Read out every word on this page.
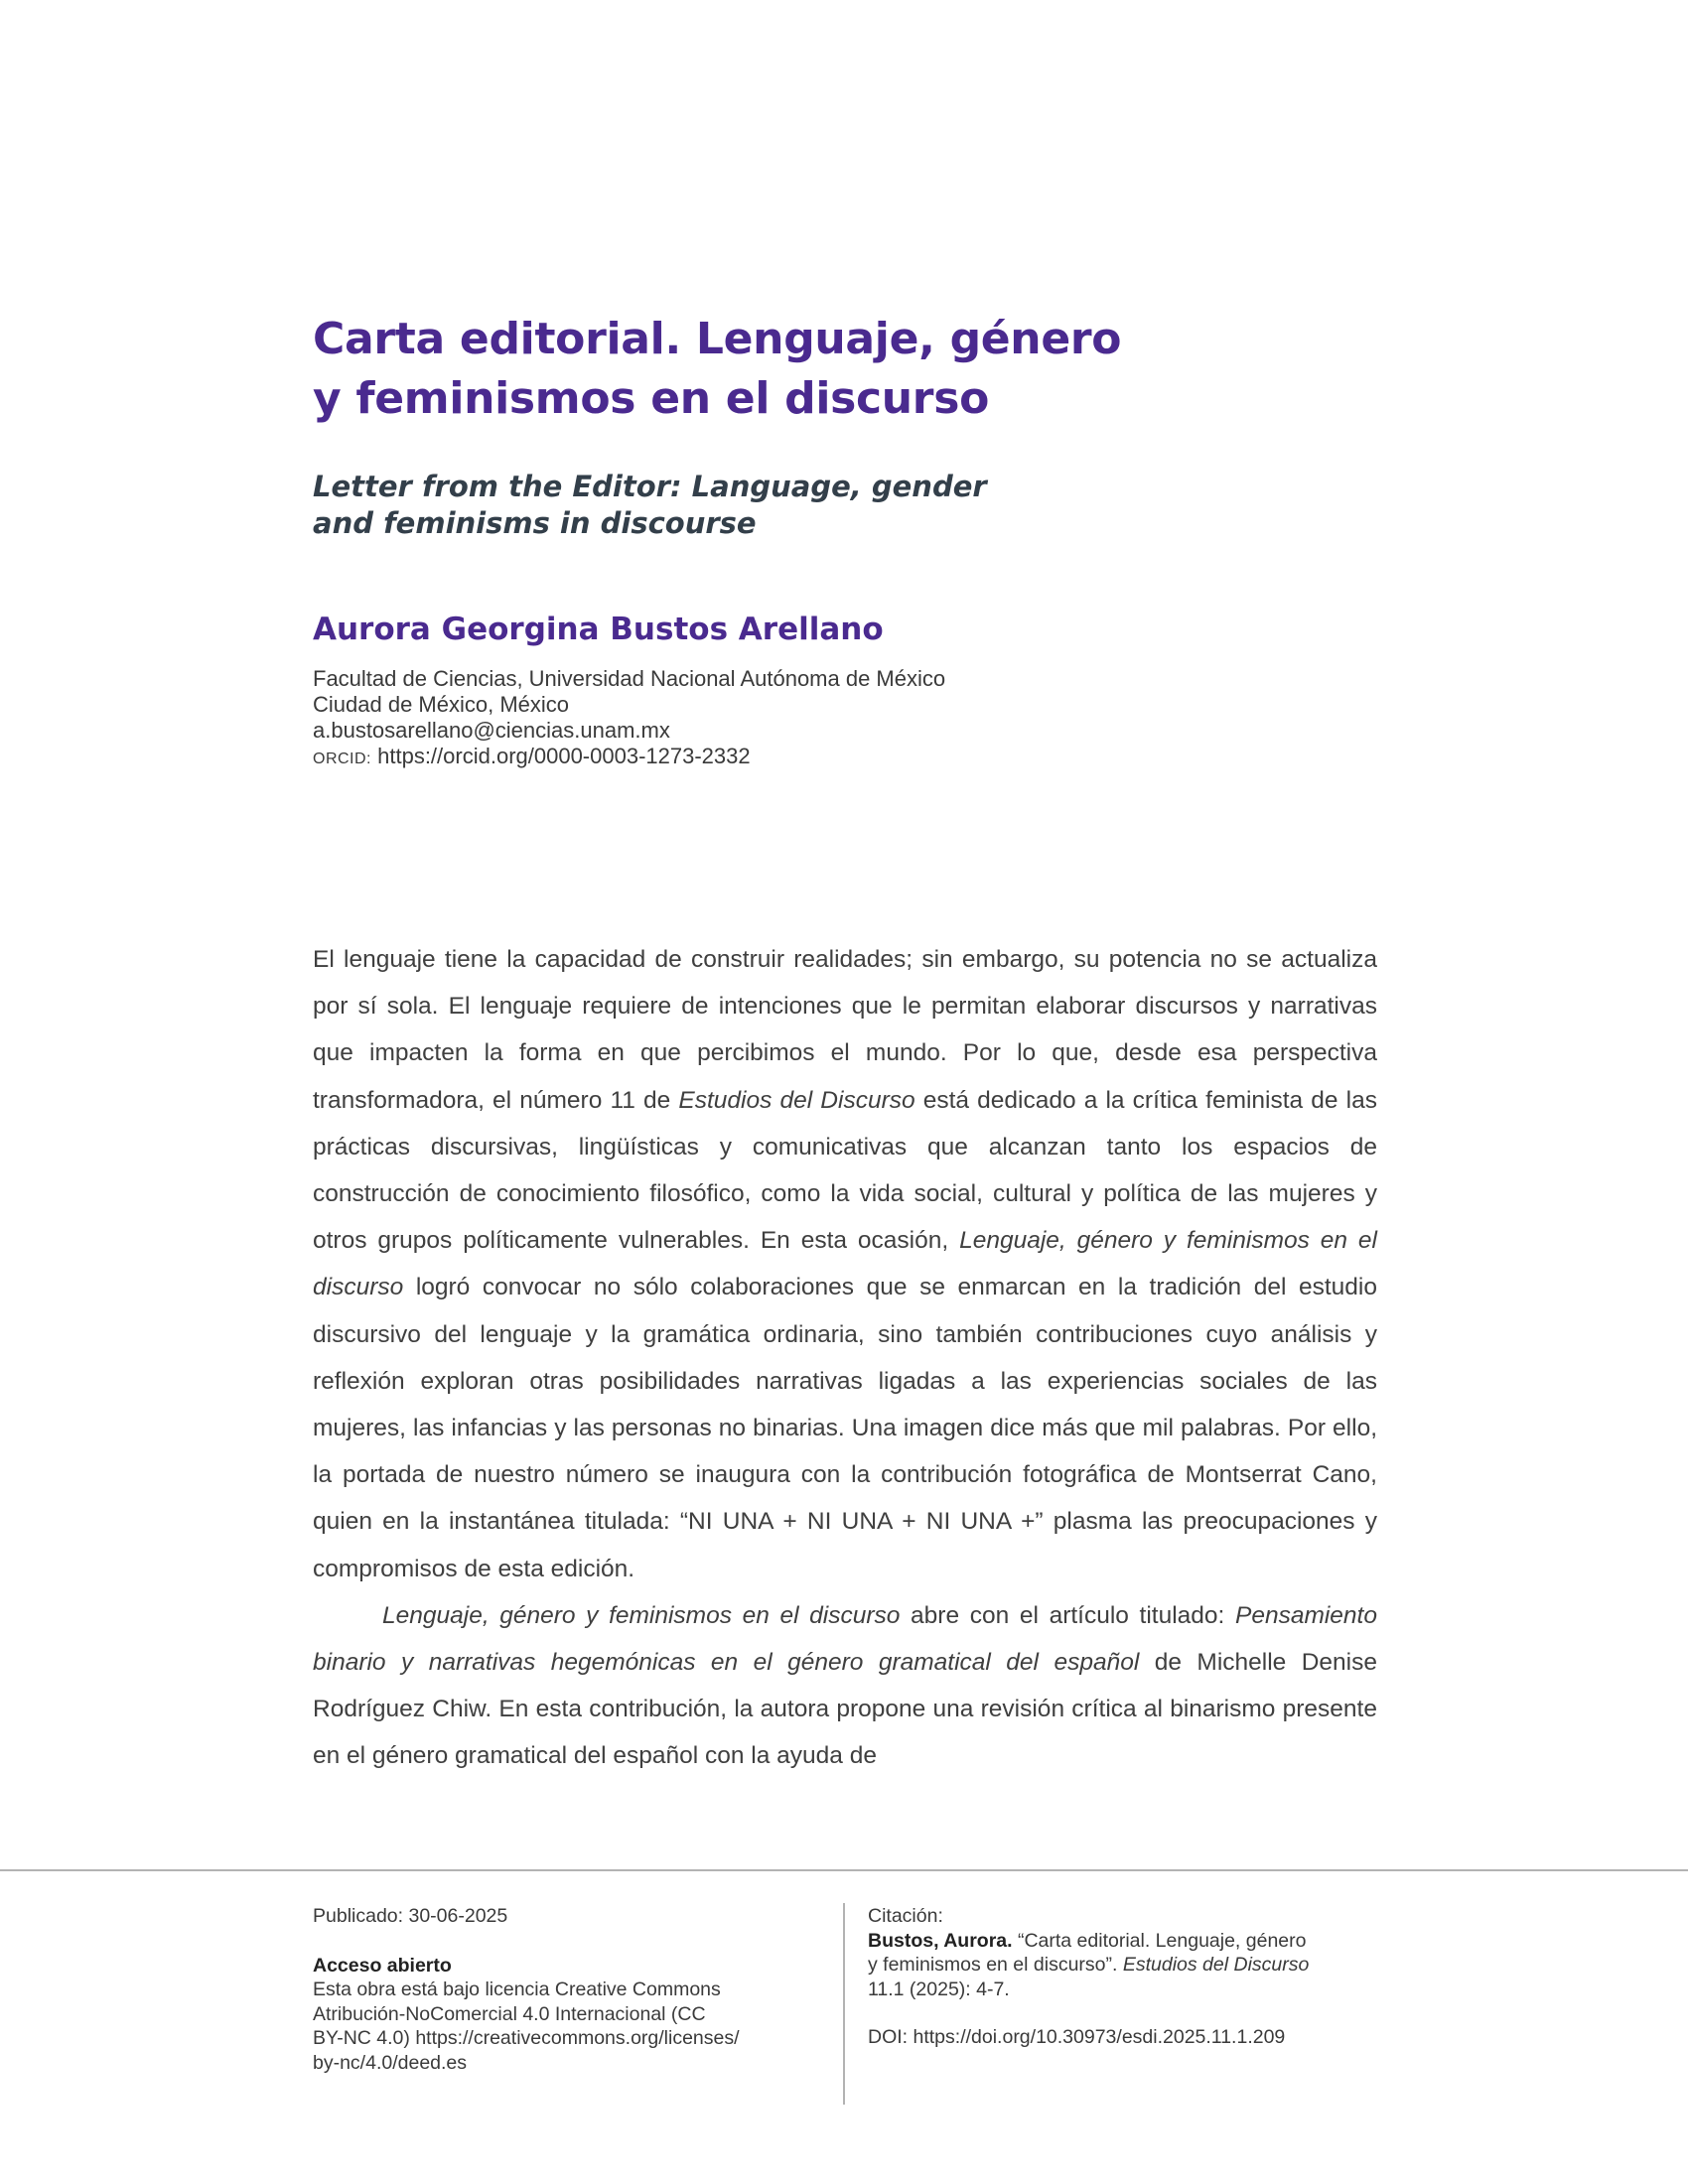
Carta editorial. Lenguaje, género
y feminismos en el discurso
Letter from the Editor: Language, gender
and feminisms in discourse
Aurora Georgina Bustos Arellano
Facultad de Ciencias, Universidad Nacional Autónoma de México
Ciudad de México, México
a.bustosarellano@ciencias.unam.mx
ORCID: https://orcid.org/0000-0003-1273-2332

El lenguaje tiene la capacidad de construir realidades; sin embargo, su potencia no se actualiza por sí sola. El lenguaje requiere de intenciones que le permitan elaborar discursos y narrativas que impacten la forma en que percibimos el mundo. Por lo que, desde esa perspectiva transformadora, el número 11 de Estudios del Discurso está dedicado a la crítica feminista de las prácticas discursivas, lingüísticas y comunicativas que alcanzan tanto los espacios de construcción de conocimiento filosófico, como la vida social, cultural y política de las mujeres y otros grupos políticamente vulnerables. En esta ocasión, Lenguaje, género y feminismos en el discurso logró convocar no sólo colaboraciones que se enmarcan en la tradición del estudio discursivo del lenguaje y la gramática ordinaria, sino también contribuciones cuyo análisis y reflexión exploran otras posibilidades narrativas ligadas a las experiencias sociales de las mujeres, las infancias y las personas no binarias. Una imagen dice más que mil palabras. Por ello, la portada de nuestro número se inaugura con la contribución fotográfica de Montserrat Cano, quien en la instantánea titulada: “NI UNA + NI UNA + NI UNA +” plasma las preocupaciones y compromisos de esta edición.

Lenguaje, género y feminismos en el discurso abre con el artículo titulado: Pensamiento binario y narrativas hegemónicas en el género gramatical del español de Michelle Denise Rodríguez Chiw. En esta contribución, la autora propone una revisión crítica al binarismo presente en el género gramatical del español con la ayuda de

Publicado: 30-06-2025
Acceso abierto
Esta obra está bajo licencia Creative Commons
Atribución-NoComercial 4.0 Internacional (CC
BY-NC 4.0) https://creativecommons.org/licenses/
by-nc/4.0/deed.es
Citación:
Bustos, Aurora. “Carta editorial. Lenguaje, género
y feminismos en el discurso”. Estudios del Discurso
11.1 (2025): 4-7.
DOI: https://doi.org/10.30973/esdi.2025.11.1.209
